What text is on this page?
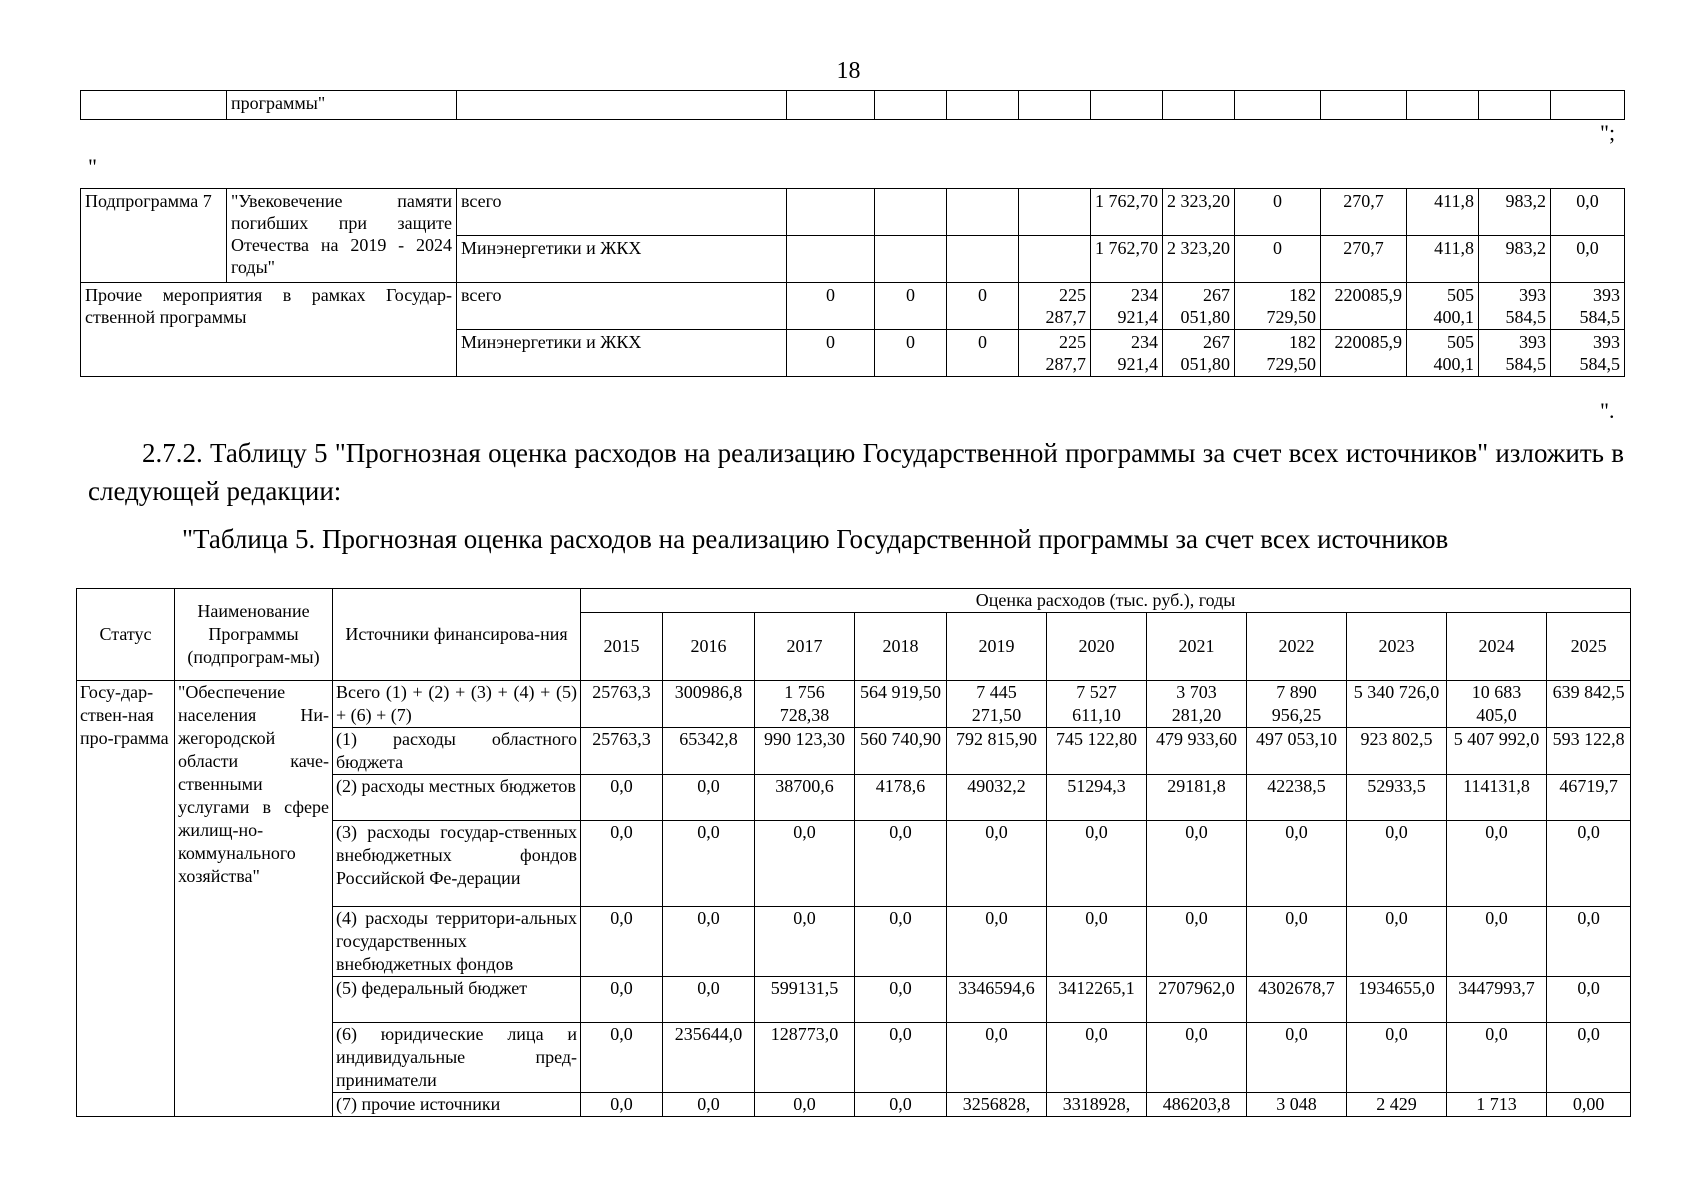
18
	программы"												
";
"
Подпрограмма 7	"Увековечение памяти погибших при защите Отечества на 2019 - 2024 годы"	всего					1 762,70	2 323,20	0	270,7	411,8	983,2	0,0
		Минэнергетики и ЖКХ					1 762,70	2 323,20	0	270,7	411,8	983,2	0,0
Прочие мероприятия в рамках Государ-ственной программы		всего	0	0	0	225 287,7	234 921,4	267 051,80	182 729,50	220085,9	505 400,1	393 584,5	393 584,5
		Минэнергетики и ЖКХ	0	0	0	225 287,7	234 921,4	267 051,80	182 729,50	220085,9	505 400,1	393 584,5	393 584,5
".
2.7.2. Таблицу 5 "Прогнозная оценка расходов на реализацию Государственной программы за счет всех источников" изложить в следующей редакции:
"Таблица 5. Прогнозная оценка расходов на реализацию Государственной программы за счет всех источников
Статус	Наименование Программы (подпрограм-мы)	Источники финансирова-ния	Оценка расходов (тыс. руб.), годы										
			2015	2016	2017	2018	2019	2020	2021	2022	2023	2024	2025
Госу-дар-ствен-ная про-грамма	"Обеспечение населения Ни-жегородской области каче-ственными услугами в сфере жилищ-но-коммунального хозяйства"	Всего (1) + (2) + (3) + (4) + (5) + (6) + (7)	25763,3	300986,8	1 756 728,38	564 919,50	7 445 271,50	7 527 611,10	3 703 281,20	7 890 956,25	5 340 726,0	10 683 405,0	639 842,5
		(1) расходы областного бюджета	25763,3	65342,8	990 123,30	560 740,90	792 815,90	745 122,80	479 933,60	497 053,10	923 802,5	5 407 992,0	593 122,8
		(2) расходы местных бюджетов	0,0	0,0	38700,6	4178,6	49032,2	51294,3	29181,8	42238,5	52933,5	114131,8	46719,7
		(3) расходы государ-ственных внебюджетных фондов Российской Фе-дерации	0,0	0,0	0,0	0,0	0,0	0,0	0,0	0,0	0,0	0,0	0,0
		(4) расходы территори-альных государственных внебюджетных фондов	0,0	0,0	0,0	0,0	0,0	0,0	0,0	0,0	0,0	0,0	0,0
		(5) федеральный бюджет	0,0	0,0	599131,5	0,0	3346594,6	3412265,1	2707962,0	4302678,7	1934655,0	3447993,7	0,0
		(6) юридические лица и индивидуальные пред-приниматели	0,0	235644,0	128773,0	0,0	0,0	0,0	0,0	0,0	0,0	0,0	0,0
		(7) прочие источники	0,0	0,0	0,0	0,0	3256828,	3318928,	486203,8	3 048	2 429	1 713	0,00
